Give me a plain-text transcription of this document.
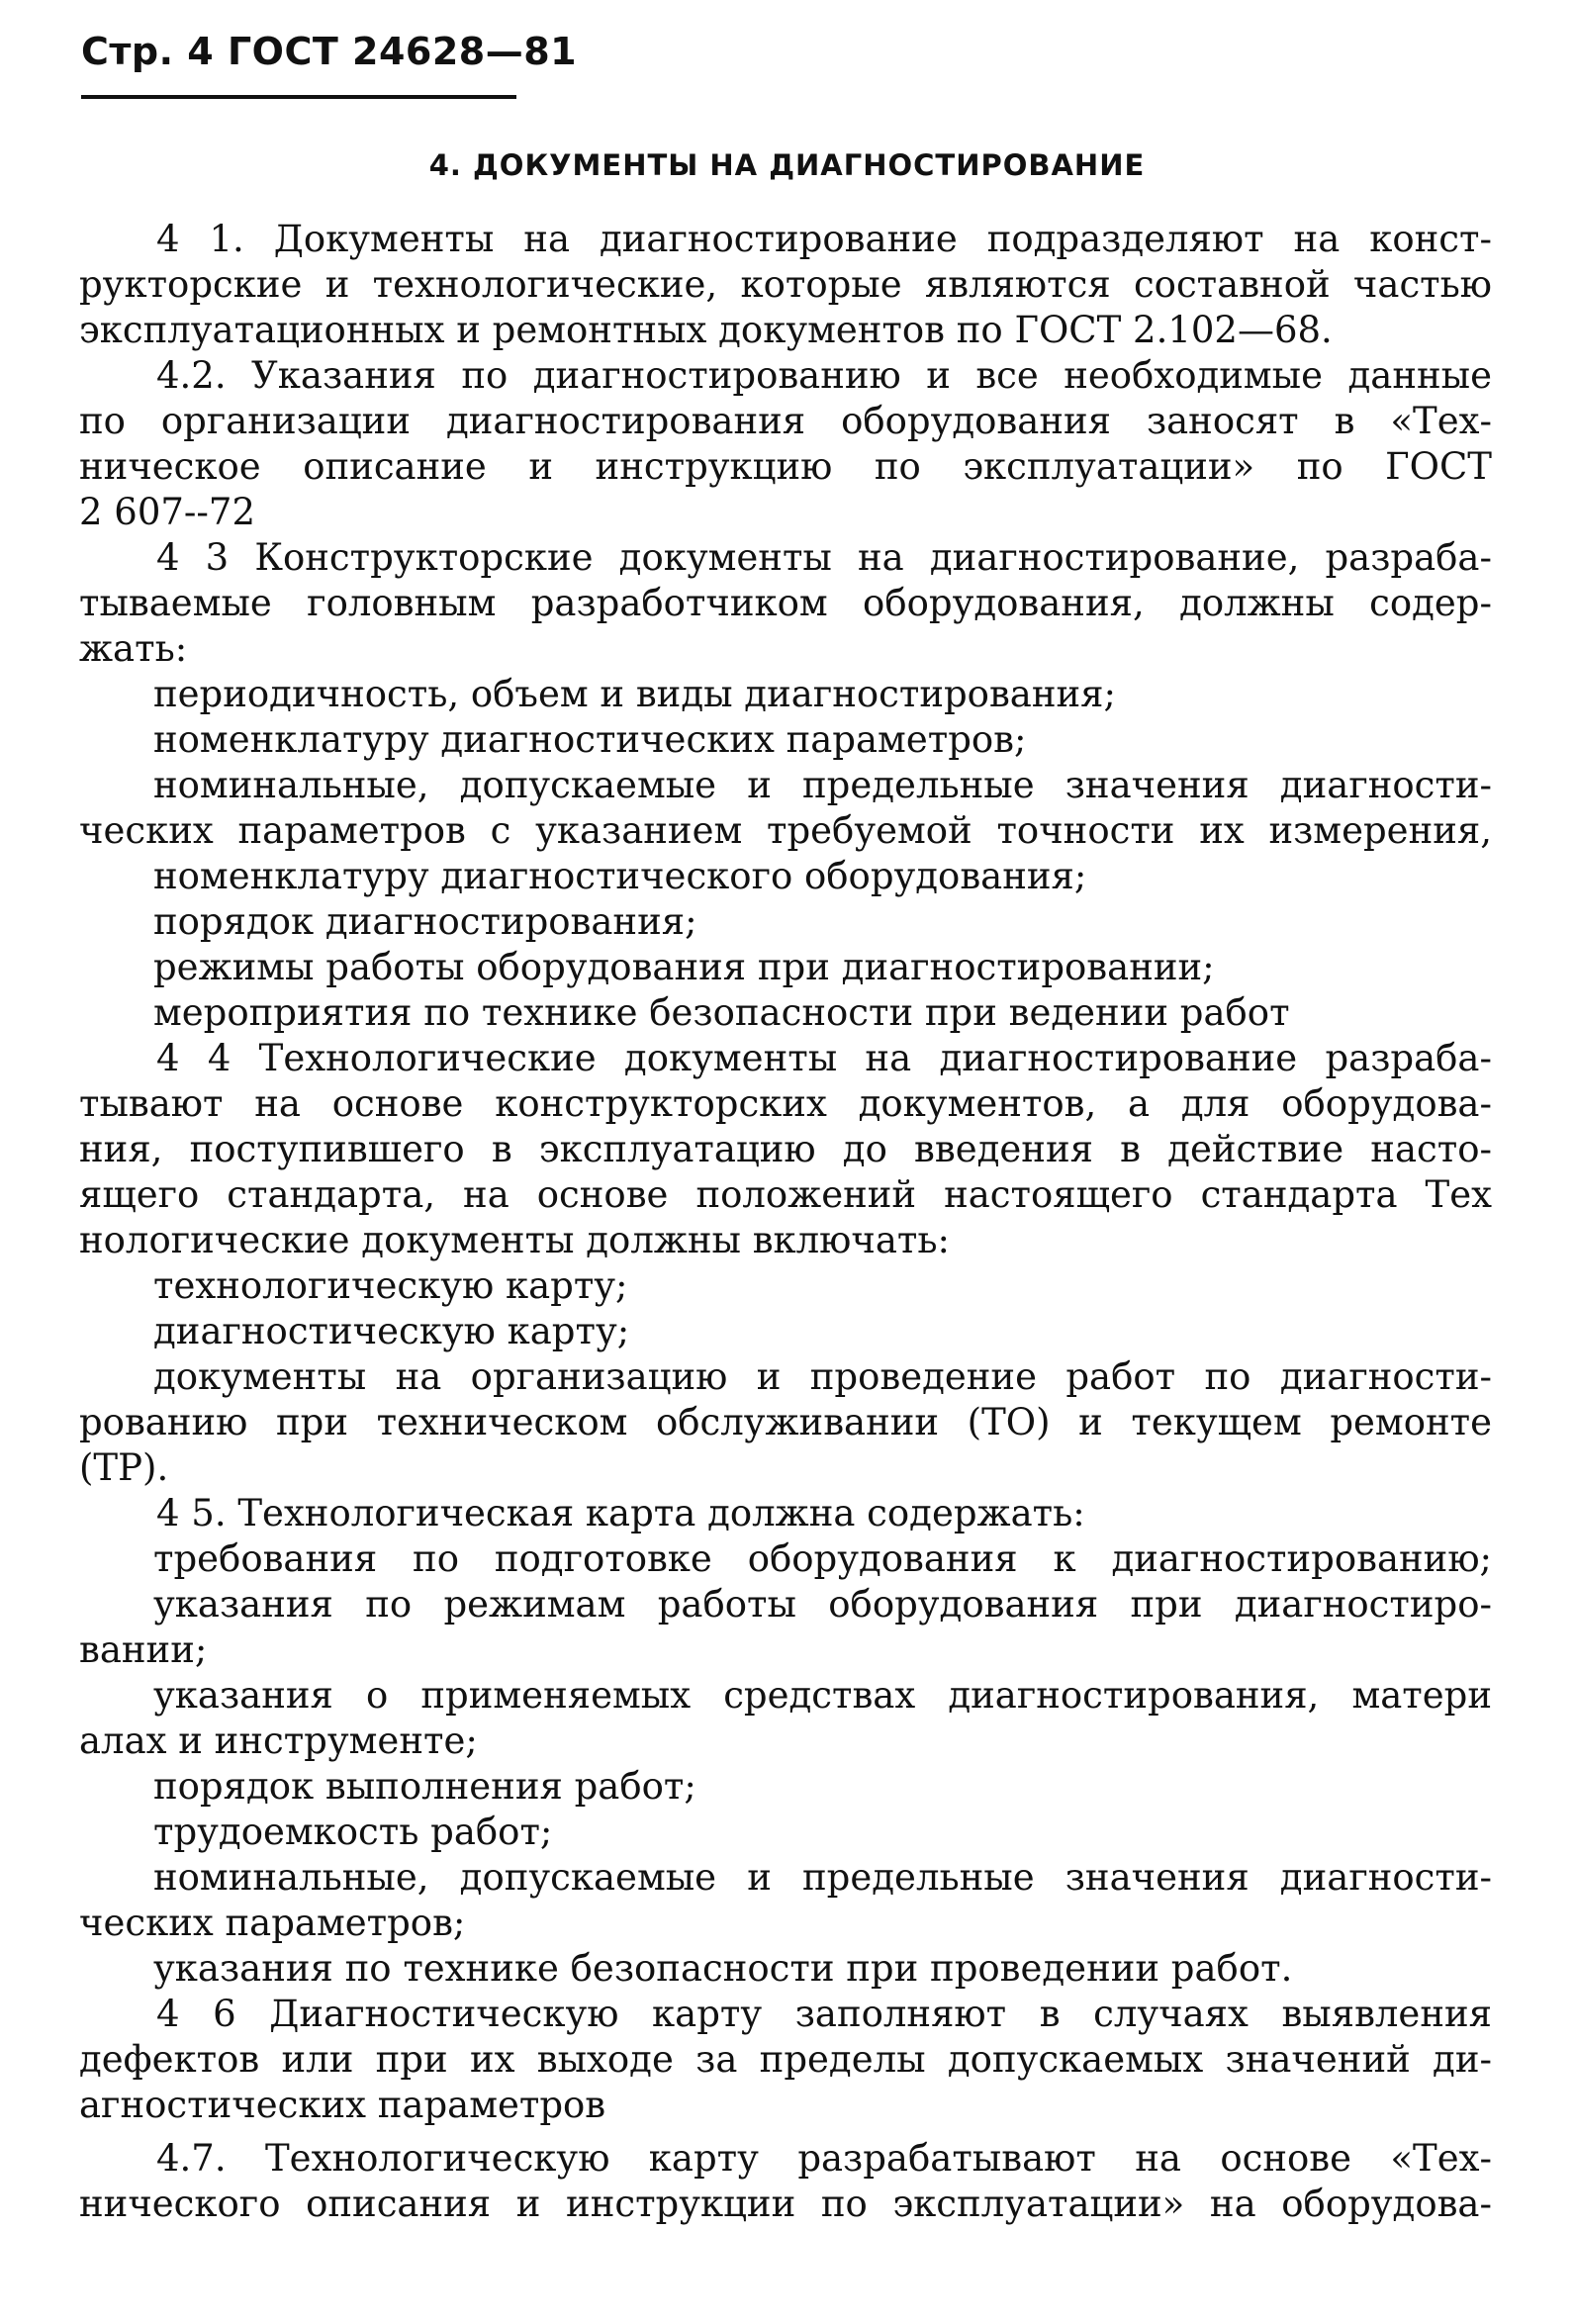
Стр. 4 ГОСТ 24628—81
4. ДОКУМЕНТЫ НА ДИАГНОСТИРОВАНИЕ
4 1. Документы на диагностирование подразделяют на конст-
рукторские и технологические, которые являются составной частью
эксплуатационных и ремонтных документов по ГОСТ 2.102—68.
4.2. Указания по диагностированию и все необходимые данные
по организации диагностирования оборудования заносят в «Тех-
ническое описание и инструкцию по эксплуатации» по ГОСТ
2 607--72
4 3 Конструкторские документы на диагностирование, разраба-
тываемые головным разработчиком оборудования, должны содер-
жать:
периодичность, объем и виды диагностирования;
номенклатуру диагностических параметров;
номинальные, допускаемые и предельные значения диагности-
ческих параметров с указанием требуемой точности их измерения,
номенклатуру диагностического оборудования;
порядок диагностирования;
режимы работы оборудования при диагностировании;
мероприятия по технике безопасности при ведении работ
4 4 Технологические документы на диагностирование разраба-
тывают на основе конструкторских документов, а для оборудова-
ния, поступившего в эксплуатацию до введения в действие насто-
ящего стандарта, на основе положений настоящего стандарта Тех
нологические документы должны включать:
технологическую карту;
диагностическую карту;
документы на организацию и проведение работ по диагности-
рованию при техническом обслуживании (ТО) и текущем ремонте
(ТР).
4 5. Технологическая карта должна содержать:
требования по подготовке оборудования к диагностированию;
указания по режимам работы оборудования при диагностиро-
вании;
указания о применяемых средствах диагностирования, матери
алах и инструменте;
порядок выполнения работ;
трудоемкость работ;
номинальные, допускаемые и предельные значения диагности-
ческих параметров;
указания по технике безопасности при проведении работ.
4 6 Диагностическую карту заполняют в случаях выявления
дефектов или при их выходе за пределы допускаемых значений ди-
агностических параметров
4.7. Технологическую карту разрабатывают на основе «Тех-
нического описания и инструкции по эксплуатации» на оборудова-
